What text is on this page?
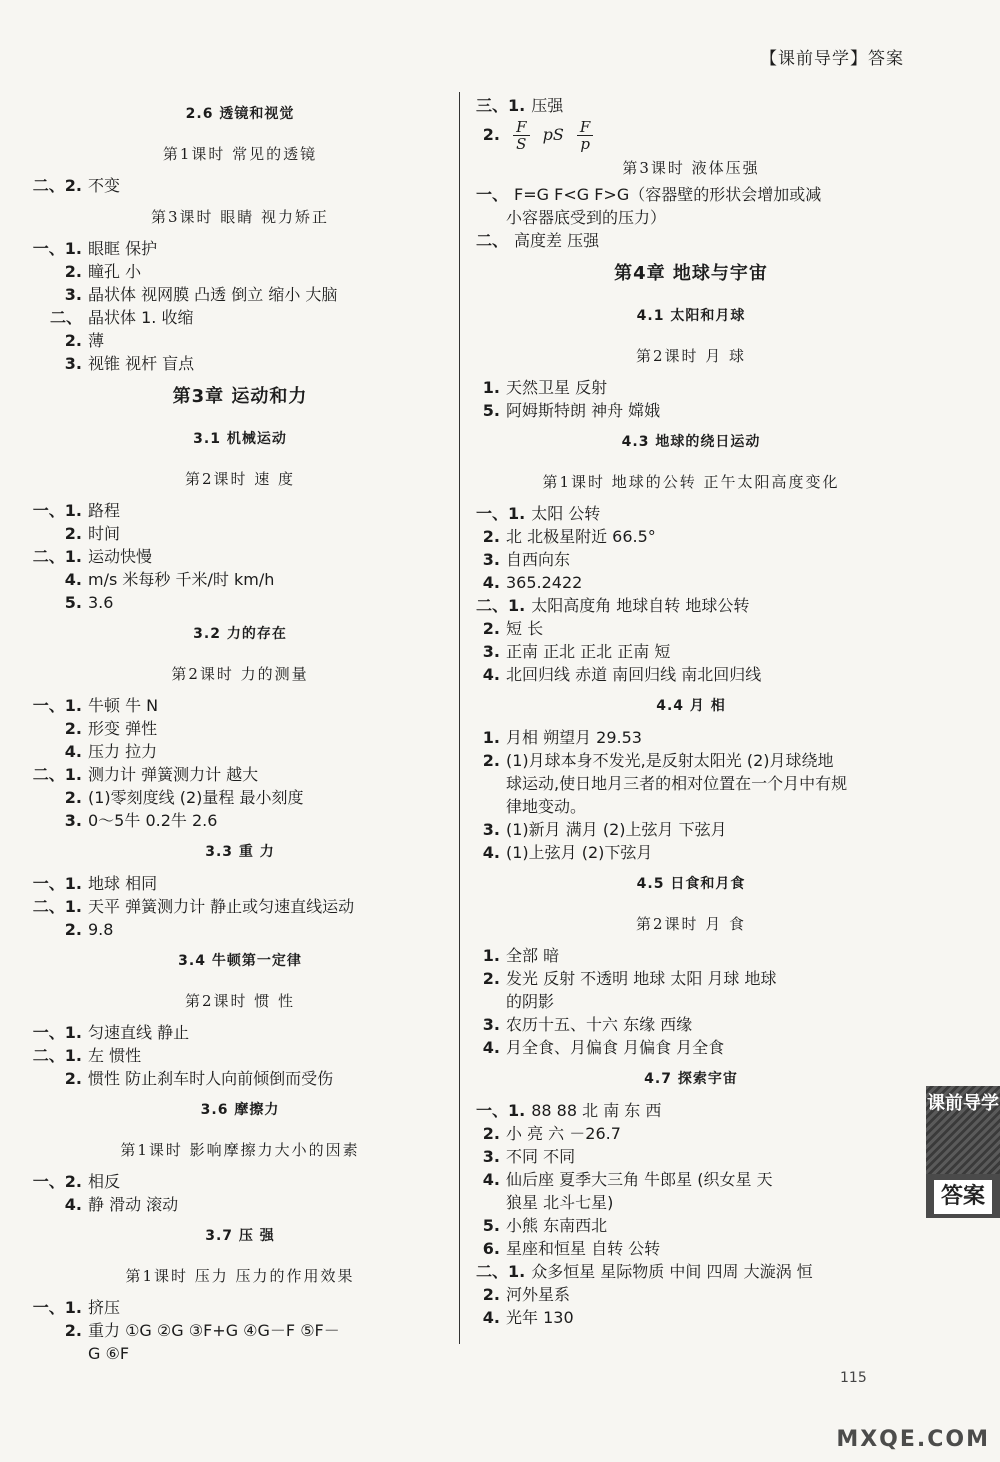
【课前导学】答案
2.6 透镜和视觉
第1课时 常见的透镜
二、2. 不变
第3课时 眼睛 视力矫正
一、1. 眼眶 保护
2. 瞳孔 小
3. 晶状体 视网膜 凸透 倒立 缩小 大脑
二、 晶状体 1. 收缩
2. 薄
3. 视锥 视杆 盲点
第3章 运动和力
3.1 机械运动
第2课时 速 度
一、1. 路程
2. 时间
二、1. 运动快慢
4. m/s 米每秒 千米/时 km/h
5. 3.6
3.2 力的存在
第2课时 力的测量
一、1. 牛顿 牛 N
2. 形变 弹性
4. 压力 拉力
二、1. 测力计 弹簧测力计 越大
2. (1)零刻度线 (2)量程 最小刻度
3. 0～5牛 0.2牛 2.6
3.3 重 力
一、1. 地球 相同
二、1. 天平 弹簧测力计 静止或匀速直线运动
2. 9.8
3.4 牛顿第一定律
第2课时 惯 性
一、1. 匀速直线 静止
二、1. 左 惯性
2. 惯性 防止刹车时人向前倾倒而受伤
3.6 摩擦力
第1课时 影响摩擦力大小的因素
一、2. 相反
4. 静 滑动 滚动
3.7 压 强
第1课时 压力 压力的作用效果
一、1. 挤压
2. 重力 ①G ②G ③F+G ④G－F ⑤F－
G ⑥F
三、1. 压强
2. $\frac{F}{S}$ pS $\frac{F}{p}$
第3课时 液体压强
一、 F=G F<G F>G（容器壁的形状会增加或减
小容器底受到的压力）
二、 高度差 压强
第4章 地球与宇宙
4.1 太阳和月球
第2课时 月 球
1. 天然卫星 反射
5. 阿姆斯特朗 神舟 嫦娥
4.3 地球的绕日运动
第1课时 地球的公转 正午太阳高度变化
一、1. 太阳 公转
2. 北 北极星附近 66.5°
3. 自西向东
4. 365.2422
二、1. 太阳高度角 地球自转 地球公转
2. 短 长
3. 正南 正北 正北 正南 短
4. 北回归线 赤道 南回归线 南北回归线
4.4 月 相
1. 月相 朔望月 29.53
2. (1)月球本身不发光,是反射太阳光 (2)月球绕地
球运动,使日地月三者的相对位置在一个月中有规
律地变动。
3. (1)新月 满月 (2)上弦月 下弦月
4. (1)上弦月 (2)下弦月
4.5 日食和月食
第2课时 月 食
1. 全部 暗
2. 发光 反射 不透明 地球 太阳 月球 地球
的阴影
3. 农历十五、十六 东缘 西缘
4. 月全食、月偏食 月偏食 月全食
4.7 探索宇宙
一、1. 88 88 北 南 东 西
2. 小 亮 六 －26.7
3. 不同 不同
4. 仙后座 夏季大三角 牛郎星 (织女星 天
狼星 北斗七星)
5. 小熊 东南西北
6. 星座和恒星 自转 公转
二、1. 众多恒星 星际物质 中间 四周 大漩涡 恒
2. 河外星系
4. 光年 130
课前导学
答案
115
MXQE.COM
